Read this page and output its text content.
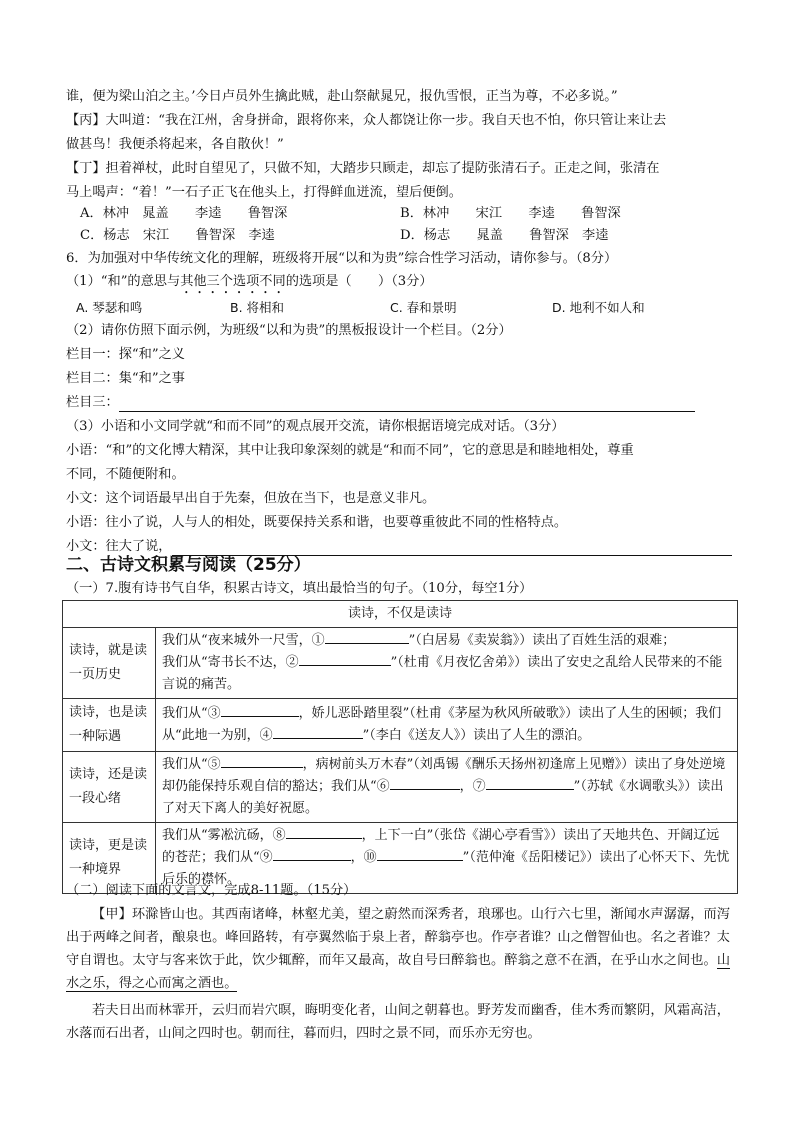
谁，便为梁山泊之主。’今日卢员外生擒此贼，赴山祭献晁兄，报仇雪恨，正当为尊，不必多说。”
【丙】大叫道：“我在江州，舍身拼命，跟将你来，众人都饶让你一步。我自天也不怕，你只管让来让去
做甚鸟！我便杀将起来，各自散伙！”
【丁】担着禅杖，此时自望见了，只做不知，大踏步只顾走，却忘了提防张清石子。正走之间，张清在
马上喝声：“着！”一石子正飞在他头上，打得鲜血迸流，望后便倒。
A．林冲　晁盖　　李逵　　鲁智深	B．林冲　　宋江　　李逵　　鲁智深
C．杨志　宋江　　鲁智深　李逵	D．杨志　　晁盖　　鲁智深　李逵
6．为加强对中华传统文化的理解，班级将开展“以和为贵”综合性学习活动，请你参与。（8分）
（1）“和”的意思与其他三个选项不同的选项是（　　）（3分）
A. 琴瑟和鸣	B. 将相和	C. 春和景明	D. 地利不如人和
（2）请你仿照下面示例，为班级“以和为贵”的黑板报设计一个栏目。（2分）
栏目一：探“和”之义
栏目二：集“和”之事
栏目三：
（3）小语和小文同学就“和而不同”的观点展开交流，请你根据语境完成对话。（3分）
小语：“和”的文化博大精深，其中让我印象深刻的就是“和而不同”，它的意思是和睦地相处，尊重
不同，不随便附和。
小文：这个词语最早出自于先秦，但放在当下，也是意义非凡。
小语：往小了说，人与人的相处，既要保持关系和谐，也要尊重彼此不同的性格特点。
小文：往大了说，
二、古诗文积累与阅读（25分）
（一）7.腹有诗书气自华，积累古诗文，填出最恰当的句子。（10分，每空1分）
读诗，不仅是读诗	
读诗，就是读一页历史	我们从“夜来城外一尺雪，① ”（白居易《卖炭翁》）读出了百姓生活的艰难；
我们从“寄书长不达，② ”（杜甫《月夜忆舍弟》）读出了安史之乱给人民带来的不能言说的痛苦。
读诗，也是读一种际遇	我们从“③ ，娇儿恶卧踏里裂”（杜甫《茅屋为秋风所破歌》）读出了人生的困顿；我们从“此地一为别，④ ”（李白《送友人》）读出了人生的漂泊。
读诗，还是读一段心绪	我们从“⑤ ，病树前头万木春”（刘禹锡《酬乐天扬州初逢席上见赠》）读出了身处逆境却仍能保持乐观自信的豁达；我们从“⑥ ，⑦ ”（苏轼《水调歌头》）读出了对天下离人的美好祝愿。
读诗，更是读一种境界	我们从“雾凇沆砀，⑧ ，上下一白”（张岱《湖心亭看雪》）读出了天地共色、开阔辽远的苍茫；我们从“⑨ ，⑩ ”（范仲淹《岳阳楼记》）读出了心怀天下、先忧后乐的襟怀。
（二）阅读下面的文言文，完成8-11题。（15分）
【甲】环滁皆山也。其西南诸峰，林壑尤美，望之蔚然而深秀者，琅琊也。山行六七里，渐闻水声潺潺，而泻出于两峰之间者，酿泉也。峰回路转，有亭翼然临于泉上者，醉翁亭也。作亭者谁？山之僧智仙也。名之者谁？太守自谓也。太守与客来饮于此，饮少辄醉，而年又最高，故自号曰醉翁也。醉翁之意不在酒，在乎山水之间也。山水之乐，得之心而寓之酒也。
若夫日出而林霏开，云归而岩穴暝，晦明变化者，山间之朝暮也。野芳发而幽香，佳木秀而繁阴，风霜高洁，水落而石出者，山间之四时也。朝而往，暮而归，四时之景不同，而乐亦无穷也。
